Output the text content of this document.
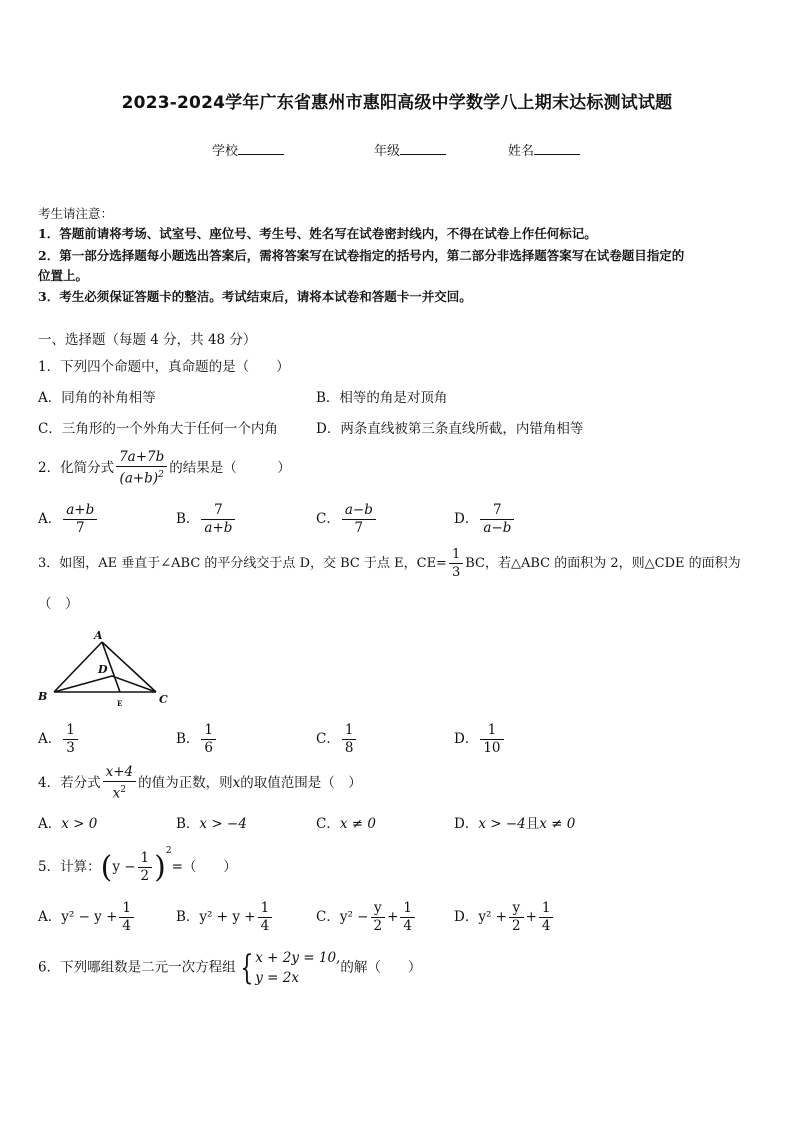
2023-2024学年广东省惠州市惠阳高级中学数学八上期末达标测试试题
学校	年级	姓名
考生请注意：
1．答题前请将考场、试室号、座位号、考生号、姓名写在试卷密封线内，不得在试卷上作任何标记。
2．第一部分选择题每小题选出答案后，需将答案写在试卷指定的括号内，第二部分非选择题答案写在试卷题目指定的
位置上。
3．考生必须保证答题卡的整洁。考试结束后，请将本试卷和答题卡一并交回。
一、选择题（每题 4 分，共 48 分）
1．下列四个命题中，真命题的是（　　）
A．同角的补角相等	B．相等的角是对顶角
C．三角形的一个外角大于任何一个内角	D．两条直线被第三条直线所截，内错角相等
2．化简分式 $\frac{7a+7b}{(a+b)^2}$ 的结果是（　　　）
A． $\frac{a+b}{7}$	B． $\frac{7}{a+b}$	C． $\frac{a-b}{7}$	D． $\frac{7}{a-b}$
3．如图，AE 垂直于∠ABC 的平分线交于点 D，交 BC 于点 E，$CE= \frac{1}{3}$ BC，若△ABC 的面积为 2，则△CDE 的面积为
（　）
A
B	C
D
E
A． $\frac{1}{3}$	B． $\frac{1}{6}$	C． $\frac{1}{8}$	D． $\frac{1}{10}$
4．若分式 $\frac{x+4}{x^2}$ 的值为正数，则x的取值范围是（　）
A．x > 0	B．x > −4	C．x ≠ 0	D．x > −4且x ≠ 0
5．计算：$(y - \frac{1}{2} )^2=$（　　）
A．$y^2 - y + \frac{1}{4}$	B．$y^2 + y + \frac{1}{4}$	C．$y^2 - \frac{y}{2} + \frac{1}{4}$	D．$y^2 + \frac{y}{2} + \frac{1}{4}$
6．下列哪组数是二元一次方程组 { x + 2y = 10,
y = 2x
的解（　　）
